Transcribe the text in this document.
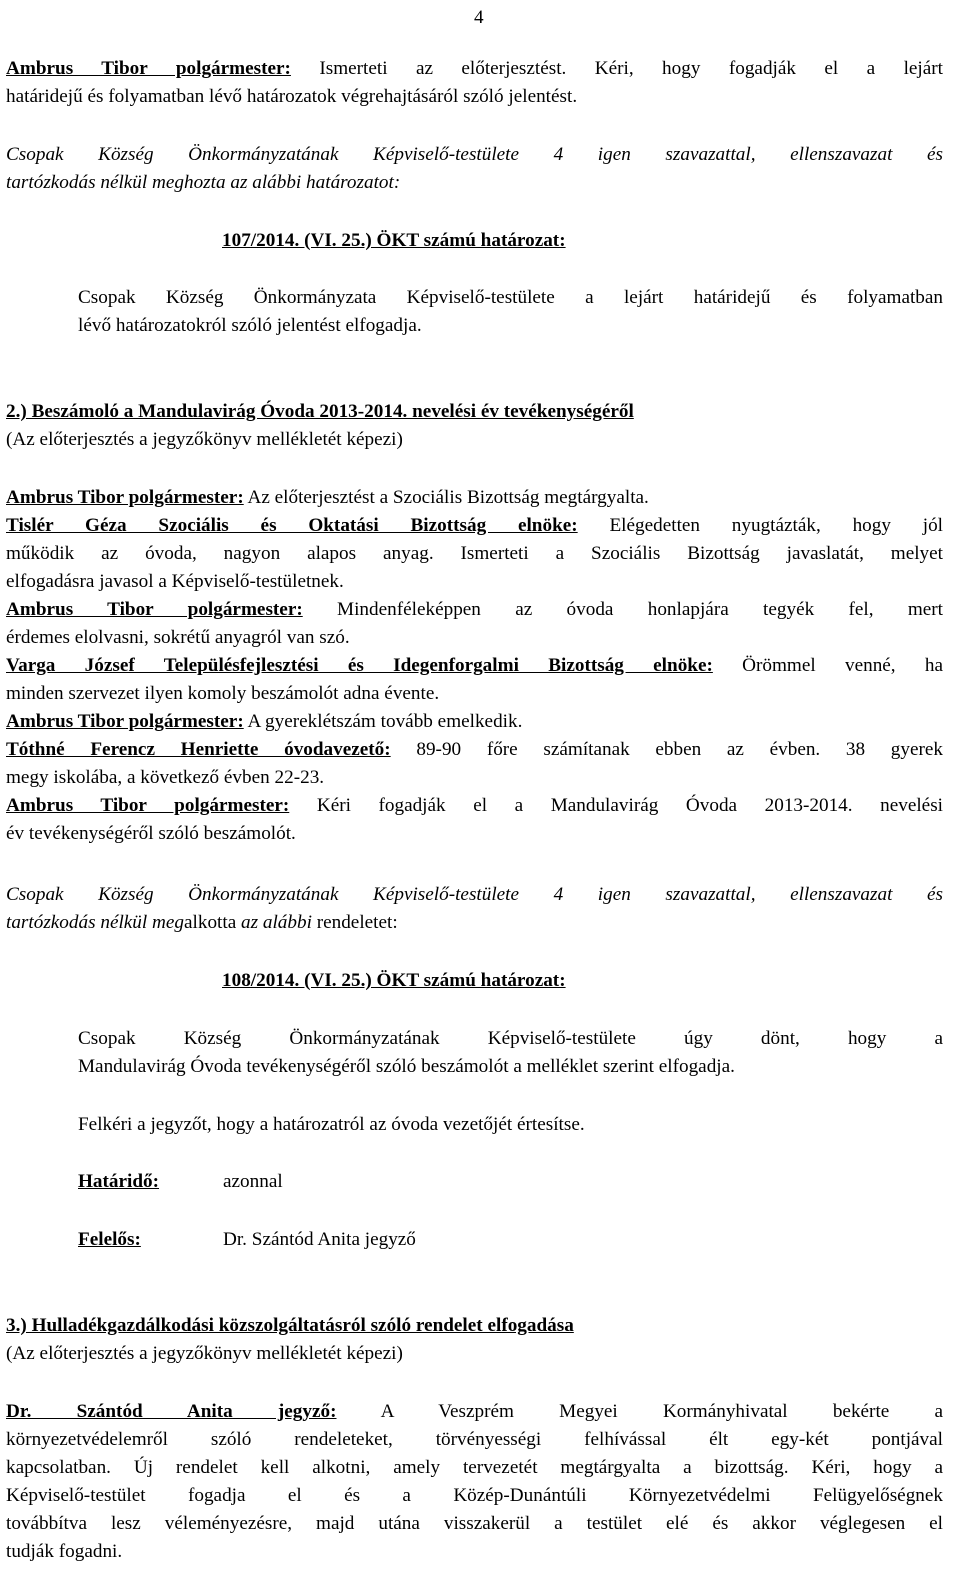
4
Ambrus Tibor polgármester: Ismerteti az előterjesztést. Kéri, hogy fogadják el a lejárt
határidejű és folyamatban lévő határozatok végrehajtásáról szóló jelentést.
Csopak Község Önkormányzatának Képviselő-testülete 4 igen szavazattal, ellenszavazat és
tartózkodás nélkül meghozta az alábbi határozatot:
107/2014. (VI. 25.) ÖKT számú határozat:
Csopak Község Önkormányzata Képviselő-testülete a lejárt határidejű és folyamatban
lévő határozatokról szóló jelentést elfogadja.
2.) Beszámoló a Mandulavirág Óvoda 2013-2014. nevelési év tevékenységéről
(Az előterjesztés a jegyzőkönyv mellékletét képezi)
Ambrus Tibor polgármester: Az előterjesztést a Szociális Bizottság megtárgyalta.
Tislér Géza Szociális és Oktatási Bizottság elnöke: Elégedetten nyugtázták, hogy jól
működik az óvoda, nagyon alapos anyag. Ismerteti a Szociális Bizottság javaslatát, melyet
elfogadásra javasol a Képviselő-testületnek.
Ambrus Tibor polgármester: Mindenféleképpen az óvoda honlapjára tegyék fel, mert
érdemes elolvasni, sokrétű anyagról van szó.
Varga József Településfejlesztési és Idegenforgalmi Bizottság elnöke: Örömmel venné, ha
minden szervezet ilyen komoly beszámolót adna évente.
Ambrus Tibor polgármester: A gyereklétszám tovább emelkedik.
Tóthné Ferencz Henriette óvodavezető: 89-90 főre számítanak ebben az évben. 38 gyerek
megy iskolába, a következő évben 22-23.
Ambrus Tibor polgármester: Kéri fogadják el a Mandulavirág Óvoda 2013-2014. nevelési
év tevékenységéről szóló beszámolót.
Csopak Község Önkormányzatának Képviselő-testülete 4 igen szavazattal, ellenszavazat és
tartózkodás nélkül megalkotta az alábbi rendeletet:
108/2014. (VI. 25.) ÖKT számú határozat:
Csopak Község Önkormányzatának Képviselő-testülete úgy dönt, hogy a
Mandulavirág Óvoda tevékenységéről szóló beszámolót a melléklet szerint elfogadja.
Felkéri a jegyzőt, hogy a határozatról az óvoda vezetőjét értesítse.
Határidő:	azonnal
Felelős:	Dr. Szántód Anita jegyző
3.) Hulladékgazdálkodási közszolgáltatásról szóló rendelet elfogadása
(Az előterjesztés a jegyzőkönyv mellékletét képezi)
Dr. Szántód Anita jegyző: A Veszprém Megyei Kormányhivatal bekérte a
környezetvédelemről szóló rendeleteket, törvényességi felhívással élt egy-két pontjával
kapcsolatban. Új rendelet kell alkotni, amely tervezetét megtárgyalta a bizottság. Kéri, hogy a
Képviselő-testület fogadja el és a Közép-Dunántúli Környezetvédelmi Felügyelőségnek
továbbítva lesz véleményezésre, majd utána visszakerül a testület elé és akkor véglegesen el
tudják fogadni.
